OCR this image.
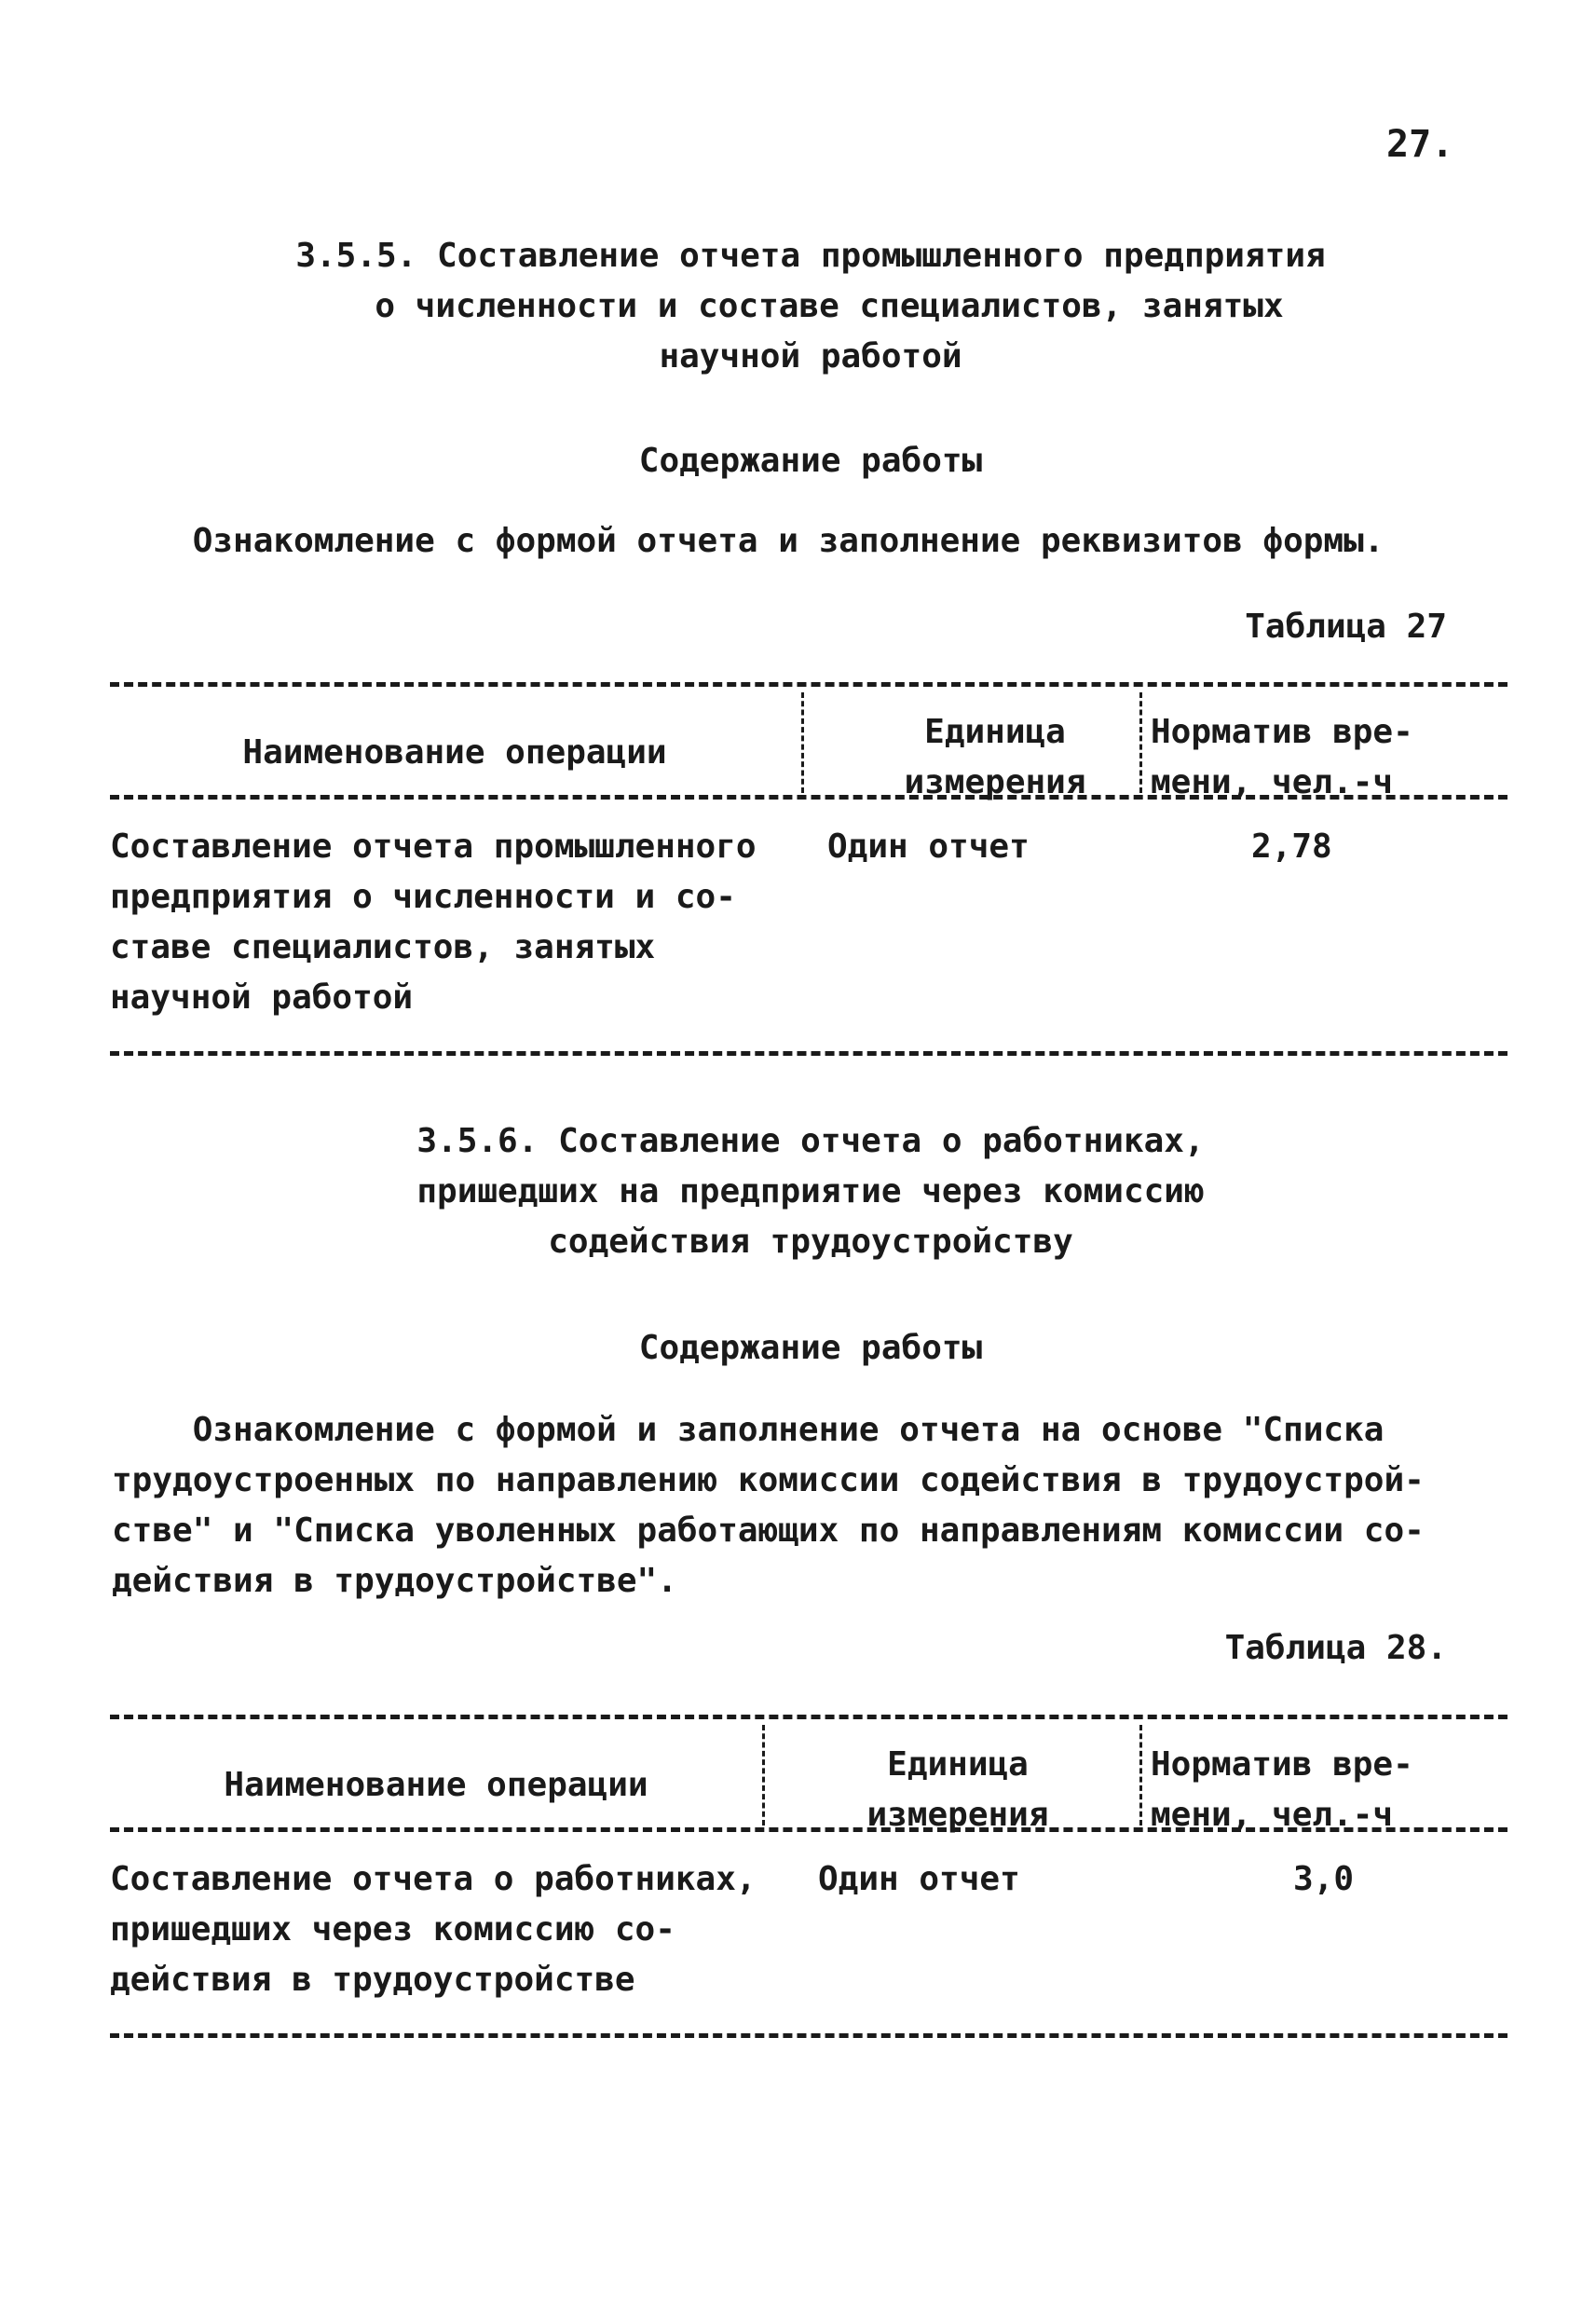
27.
3.5.5. Составление отчета промышленного предприятия
о численности и составе специалистов, занятых
научной работой
Содержание работы
Ознакомление с формой отчета и заполнение реквизитов формы.
Таблица 27
Наименование операции
Единица
измерения
Норматив вре-
мени, чел.-ч
Составление отчета промышленного
предприятия о численности и со-
ставе специалистов, занятых
научной работой
Один отчет	2,78
3.5.6. Составление отчета о работниках,
пришедших на предприятие через комиссию
содействия трудоустройству
Содержание работы
Ознакомление с формой и заполнение отчета на основе "Списка
трудоустроенных по направлению комиссии содействия в трудоустрой-
стве" и "Списка уволенных работающих по направлениям комиссии со-
действия в трудоустройстве".
Таблица 28.
Наименование операции
Единица
измерения
Норматив вре-
мени, чел.-ч
Составление отчета о работниках,
пришедших через комиссию со-
действия в трудоустройстве
Один отчет	3,0
